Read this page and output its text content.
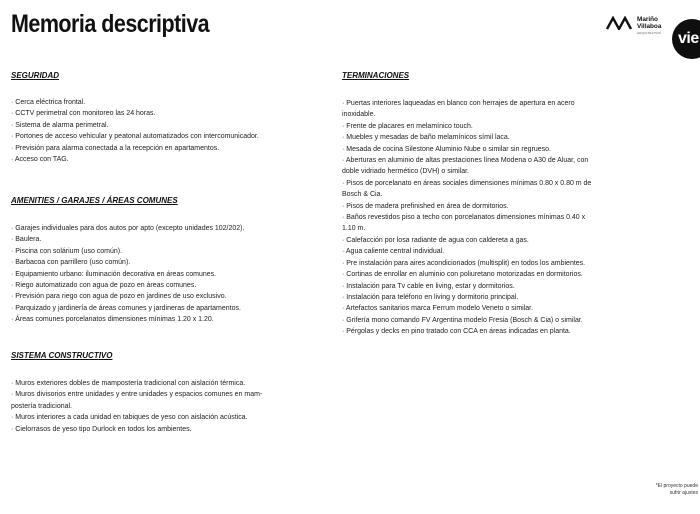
Memoria descriptiva	Mariño
Villaboa
ARQUITECTOS	vie
SEGURIDAD
· Cerca eléctrica frontal.
· CCTV perimetral con monitoreo las 24 horas.
· Sistema de alarma perimetral.
· Portones de acceso vehicular y peatonal automatizados con intercomunicador.
· Previsión para alarma conectada a la recepción en apartamentos.
· Acceso con TAG.
AMENITIES / GARAJES / ÁREAS COMUNES
· Garajes individuales para dos autos por apto (excepto unidades 102/202).
· Baulera.
· Piscina con solárium (uso común).
· Barbacoa con parrillero (uso común).
· Equipamiento urbano: iluminación decorativa en áreas comunes.
· Riego automatizado con agua de pozo en áreas comunes.
· Previsión para riego con agua de pozo en jardines de uso exclusivo.
· Parquizado y jardinería de áreas comunes y jardineras de apartamentos.
· Áreas comunes porcelanatos dimensiones mínimas 1.20 x 1.20.
SISTEMA CONSTRUCTIVO
· Muros exteriores dobles de mampostería tradicional con aislación térmica.
· Muros divisorios entre unidades y entre unidades y espacios comunes en mam-
postería tradicional.
· Muros interiores a cada unidad en tabiques de yeso con aislación acústica.
· Cielorrasos de yeso tipo Durlock en todos los ambientes.
TERMINACIONES
· Puertas interiores laqueadas en blanco con herrajes de apertura en acero
inoxidable.
· Frente de placares en melamínico touch.
· Muebles y mesadas de baño melamínicos símil laca.
· Mesada de cocina Silestone Aluminio Nube o similar sin regrueso.
· Aberturas en aluminio de altas prestaciones línea Modena o A30 de Aluar, con
doble vidriado hermético (DVH) o similar.
· Pisos de porcelanato en áreas sociales dimensiones mínimas 0.80 x 0.80 m de
Bosch & Cia.
· Pisos de madera prefinished en área de dormitorios.
· Baños revestidos piso a techo con porcelanatos dimensiones mínimas 0.40 x
1.10 m.
· Calefacción por losa radiante de agua con caldereta a gas.
· Agua caliente central individual.
· Pre instalación para aires acondicionados (multisplit) en todos los ambientes.
· Cortinas de enrollar en aluminio con poliuretano motorizadas en dormitorios.
· Instalación para Tv cable en living, estar y dormitorios.
· Instalación para teléfono en living y dormitorio principal.
· Artefactos sanitarios marca Ferrum modelo Veneto o similar.
· Grifería mono comando FV Argentina modelo Fresia (Bosch & Cia) o similar.
· Pérgolas y decks en pino tratado con CCA en áreas indicadas en planta.
*El proyecto puede
sufrir ajustes
